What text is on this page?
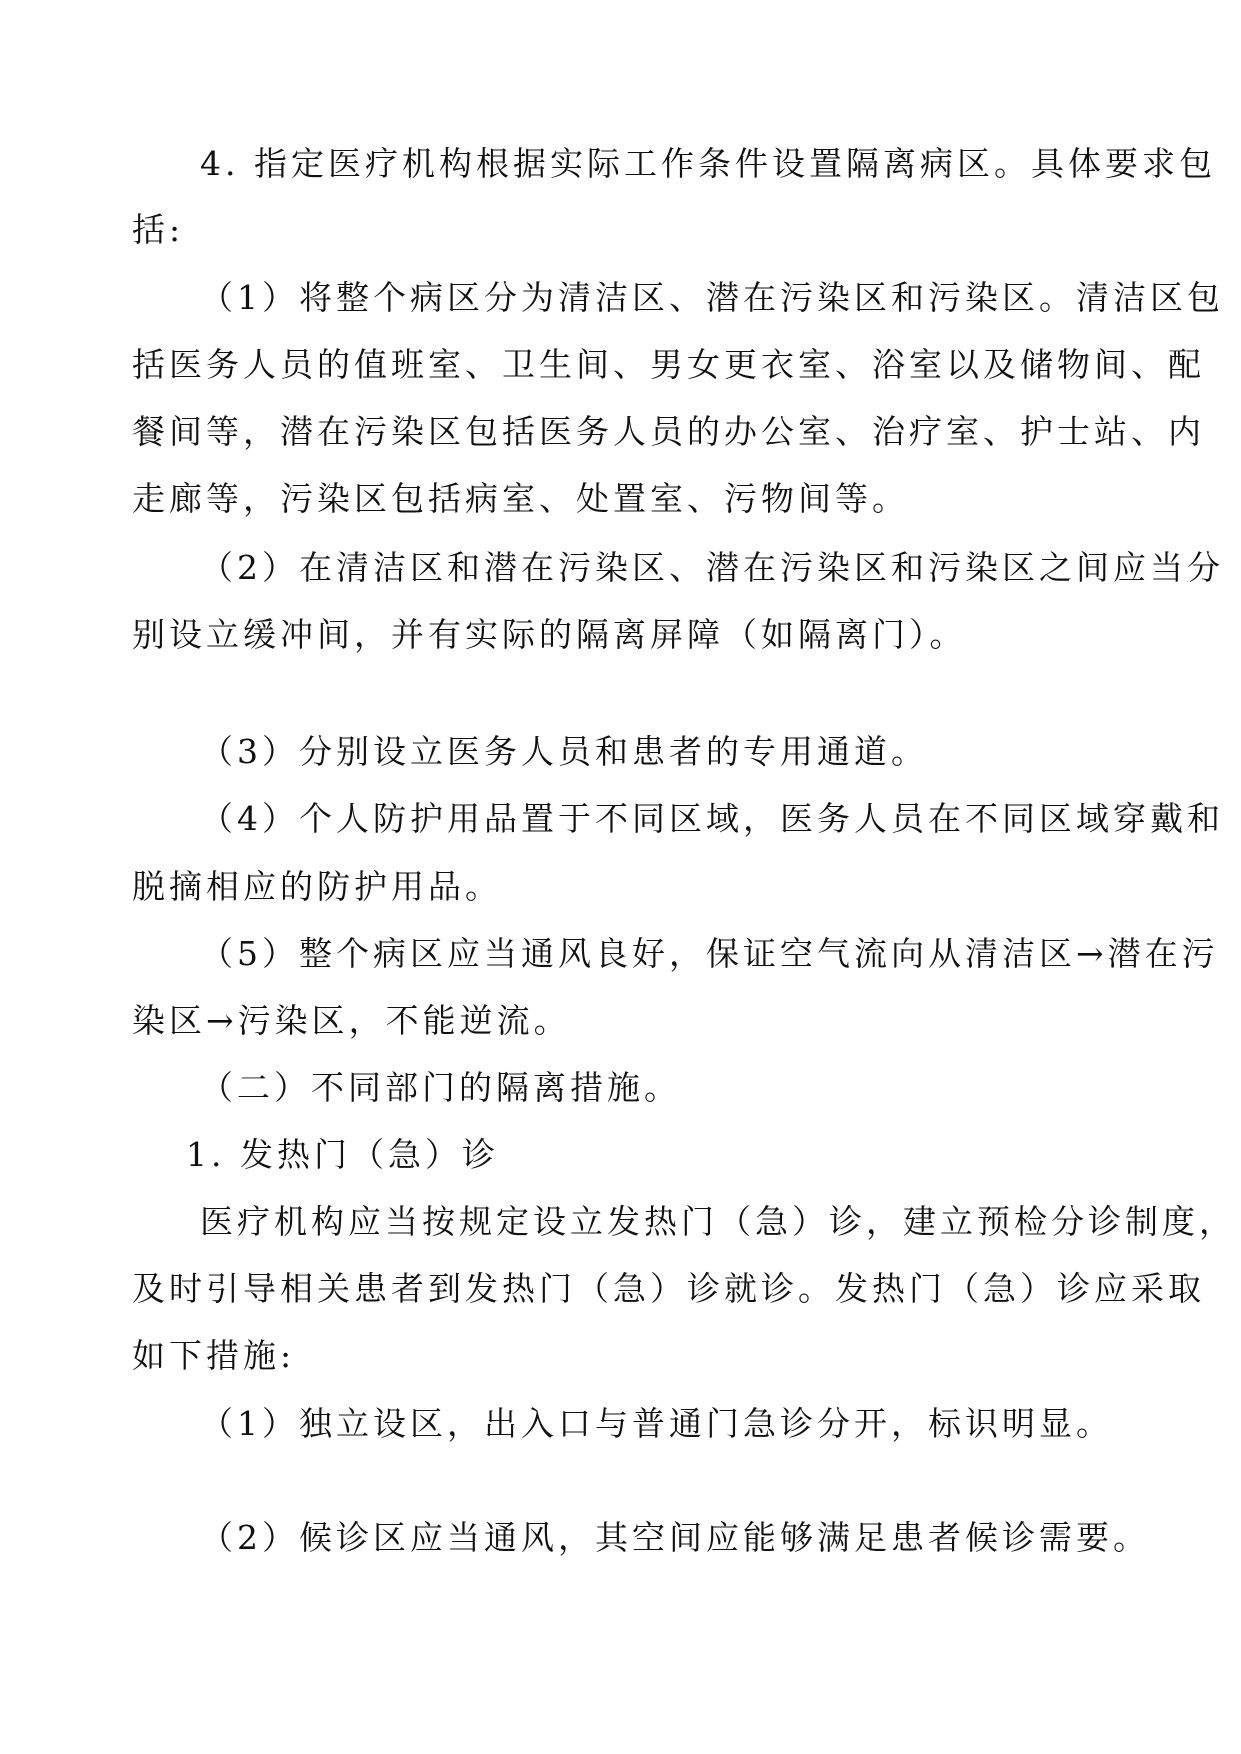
4. 指定医疗机构根据实际工作条件设置隔离病区。具体要求包

括:

（1）将整个病区分为清洁区、潜在污染区和污染区。清洁区包

括医务人员的值班室、卫生间、男女更衣室、浴室以及储物间、配

餐间等，潜在污染区包括医务人员的办公室、治疗室、护士站、内

走廊等，污染区包括病室、处置室、污物间等。

（2）在清洁区和潜在污染区、潜在污染区和污染区之间应当分

别设立缓冲间，并有实际的隔离屏障（如隔离门）。

（3）分别设立医务人员和患者的专用通道。

（4）个人防护用品置于不同区域，医务人员在不同区域穿戴和

脱摘相应的防护用品。

（5）整个病区应当通风良好，保证空气流向从清洁区→潜在污

染区→污染区，不能逆流。

（二）不同部门的隔离措施。

1. 发热门（急）诊

医疗机构应当按规定设立发热门（急）诊，建立预检分诊制度，

及时引导相关患者到发热门（急）诊就诊。发热门（急）诊应采取

如下措施:

（1）独立设区，出入口与普通门急诊分开，标识明显。

（2）候诊区应当通风，其空间应能够满足患者候诊需要。
